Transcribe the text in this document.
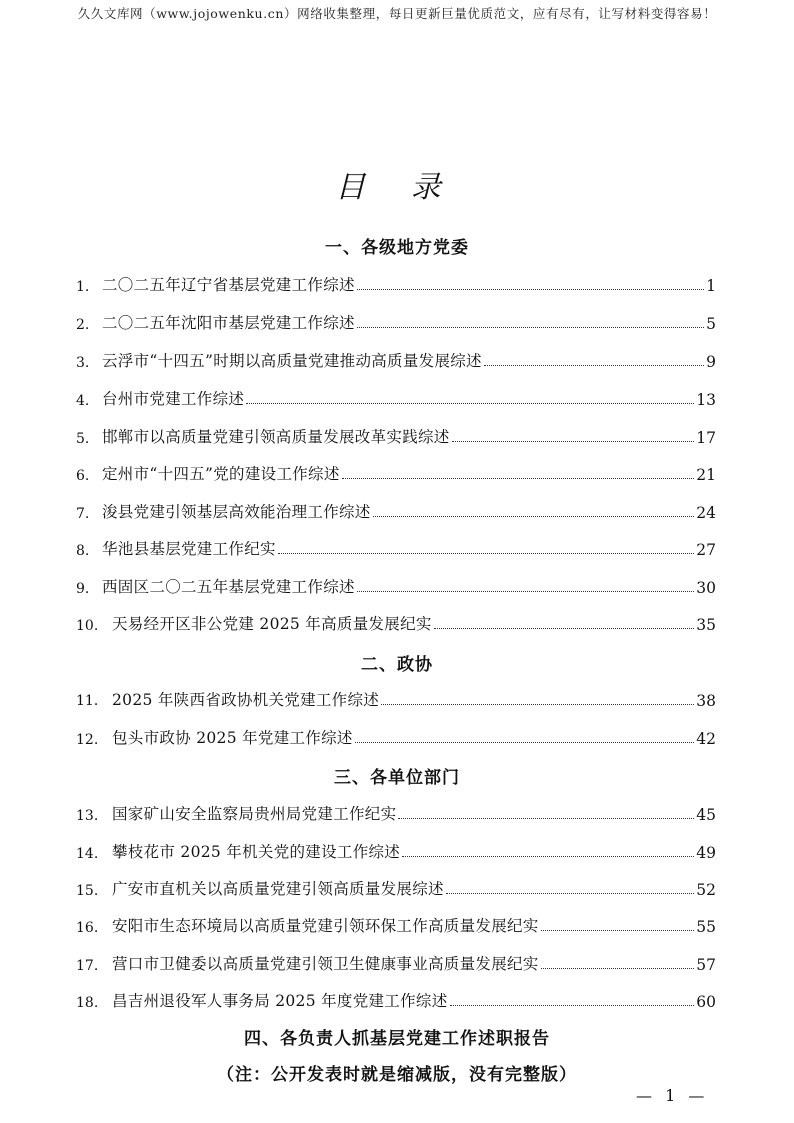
久久文库网（www.jojowenku.cn）网络收集整理，每日更新巨量优质范文，应有尽有，让写材料变得容易！
目 录
一、各级地方党委
1. 二〇二五年辽宁省基层党建工作综述	1
2. 二〇二五年沈阳市基层党建工作综述	5
3. 云浮市“十四五”时期以高质量党建推动高质量发展综述	9
4. 台州市党建工作综述	13
5. 邯郸市以高质量党建引领高质量发展改革实践综述	17
6. 定州市“十四五”党的建设工作综述	21
7. 浚县党建引领基层高效能治理工作综述	24
8. 华池县基层党建工作纪实	27
9. 西固区二〇二五年基层党建工作综述	30
10. 天易经开区非公党建 2025 年高质量发展纪实	35
二、政协
11． 2025 年陕西省政协机关党建工作综述	38
12. 包头市政协 2025 年党建工作综述	42
三、各单位部门
13. 国家矿山安全监察局贵州局党建工作纪实	45
14. 攀枝花市 2025 年机关党的建设工作综述	49
15. 广安市直机关以高质量党建引领高质量发展综述	52
16. 安阳市生态环境局以高质量党建引领环保工作高质量发展纪实	55
17. 营口市卫健委以高质量党建引领卫生健康事业高质量发展纪实	57
18. 昌吉州退役军人事务局 2025 年度党建工作综述	60
四、各负责人抓基层党建工作述职报告
（注：公开发表时就是缩减版，没有完整版）
— 1 —
